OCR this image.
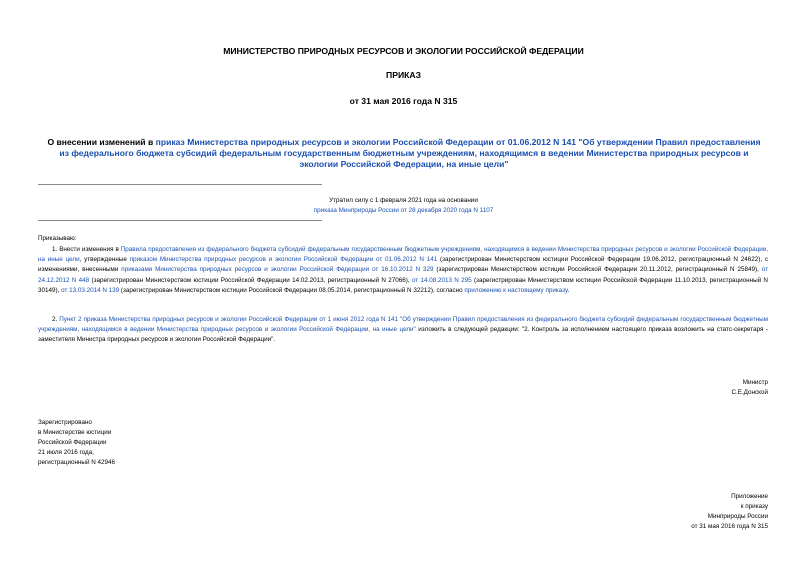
МИНИСТЕРСТВО ПРИРОДНЫХ РЕСУРСОВ И ЭКОЛОГИИ РОССИЙСКОЙ ФЕДЕРАЦИИ
ПРИКАЗ
от 31 мая 2016 года N 315
О внесении изменений в приказ Министерства природных ресурсов и экологии Российской Федерации от 01.06.2012 N 141 "Об утверждении Правил предоставления из федерального бюджета субсидий федеральным государственным бюджетным учреждениям, находящимся в ведении Министерства природных ресурсов и экологии Российской Федерации, на иные цели"
Утратил силу с 1 февраля 2021 года на основании
приказа Минприроды России от 28 декабря 2020 года N 1107
Приказываю:
1. Внести изменения в Правила предоставления из федерального бюджета субсидий федеральным государственным бюджетным учреждениям, находящимся в ведении Министерства природных ресурсов и экологии Российской Федерации, на иные цели, утвержденные приказом Министерства природных ресурсов и экологии Российской Федерации от 01.06.2012 N 141 (зарегистрирован Министерством юстиции Российской Федерации 19.06.2012, регистрационный N 24622), с изменениями, внесенными приказами Министерства природных ресурсов и экологии Российской Федерации от 16.10.2012 N 329 (зарегистрирован Министерством юстиции Российской Федерации 20.11.2012, регистрационный N 25849), от 24.12.2012 N 448 (зарегистрирован Министерством юстиции Российской Федерации 14.02.2013, регистрационный N 27066), от 14.08.2013 N 295 (зарегистрирован Министерством юстиции Российской Федерации 11.10.2013, регистрационный N 30149), от 13.03.2014 N 139 (зарегистрирован Министерством юстиции Российской Федерации 08.05.2014, регистрационный N 32212), согласно приложению к настоящему приказу.
2. Пункт 2 приказа Министерства природных ресурсов и экологии Российской Федерации от 1 июня 2012 года N 141 "Об утверждении Правил предоставления из федерального бюджета субсидий федеральным государственным бюджетным учреждениям, находящимся в ведении Министерства природных ресурсов и экологии Российской Федерации, на иные цели" изложить в следующей редакции: "2. Контроль за исполнением настоящего приказа возложить на статс-секретаря - заместителя Министра природных ресурсов и экологии Российской Федерации".
Министр
С.Е.Донской
Зарегистрировано
в Министерстве юстиции
Российской Федерации
21 июля 2016 года,
регистрационный N 42946
Приложение
к приказу
Минприроды России
от 31 мая 2016 года N 315
